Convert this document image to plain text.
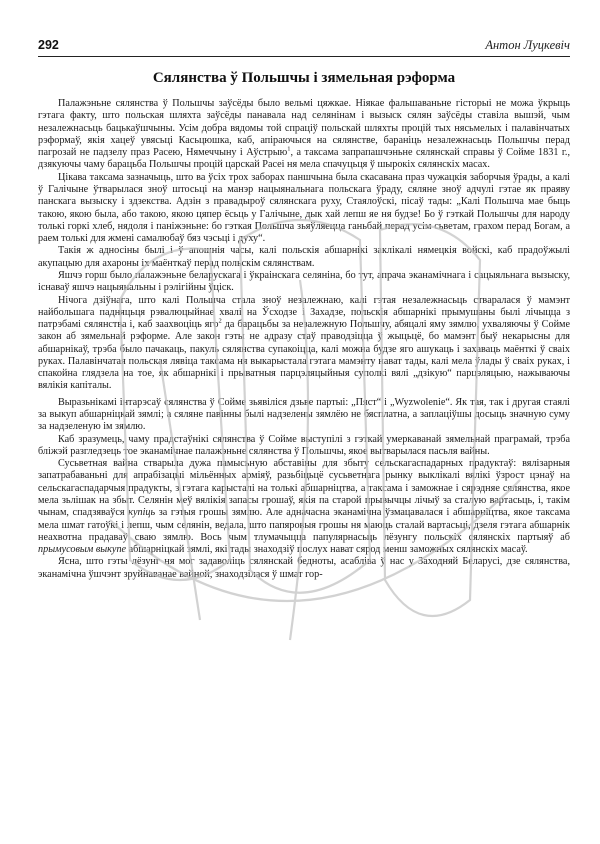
292	Антон Луцкевіч
Сялянства ў Польшчы і зямельная рэформа

Палажэньне сялянства ў Польшчы заўсёды было вельмі цяжкае. Ніякае фальшаваньне гісторыі не можа ўкрыць гэтага факту, што польская шляхта заўсёды панавала над селянінам і вызыск сялян заўсёды ставіла вышэй, чым незалежнасьць бацькаўшчыны. Усім добра вядомы той спраціў польскай шляхты процій тых нясьмелых і палавінчатых рэформаў, якія хацеў увясьці Касьцюшка, каб, апіраючыся на сялянстве, бараніць незалежнасьць Польшчы перад пагрозай не падзелу праз Расею, Нямеччыну і Аўстрыю$^1$, а таксама запрапашчэньне сялянскай справы ў Сойме 1831 г., дзякуючы чаму барацьба Польшчы процій царскай Расеі ня мела спачуцьця ў шырокіх сялянскіх масах.

Цікава таксама зазначыць, што ва ўсіх трох заборах паншчына была скасавана праз чужацкія заборчыя ўрады, а калі ў Галічыне ўтварылася зноў штосьці на манэр нацыянальнага польскага ўраду, сяляне зноў адчулі гэтае як праяву панскага вызыску і здзекства. Адзін з правадыроў сялянскага руху, Стаялоўскі, пісаў тады: „Калі Польшча мае быць такою, якою была, або такою, якою цяпер ёсьць у Галічыне, дык хай лепш яе ня будзе! Бо ў гэткай Польшчы для народу толькі горкі хлеб, нядоля і паніжэньне: бо гэткая Польшча зьяўляецца ганьбай перад усім сьветам, грахом перад Богам, а раем толькі для жмені самалюбаў бяз чэсьці і духу“.

Такія ж адносіны былі і ў апошнія часы, калі польскія абшарнікі заклікалі нямецкія войскі, каб прадоўжылі акупацыю для ахароны іх маёнткаў перад польскім сялянствам.

Яшчэ горш было палажэньне беларускага і ўкраінскага селяніна, бо тут, апрача эканамічнага і сацыяльнага вызыску, існаваў яшчэ нацыянальны і рэлігійны ўціск.

Нічога дзіўнага, што калі Польшча стала зноў незалежнаю, калі гэтая незалежнасьць ствaралася ў мамэнт найбольшага падняцьця рэвалюцыйнае хвалі на Ўсходзе і Захадзе, польскія абшарнікі прымушаны былі лічыцца з патрэбамі сялянства і, каб заахвоціць яго$^2$ да барацьбы за незалежную Польшчу, абяцалі яму зямлю, ухваляючы ў Сойме закон аб зямельнай рэформе. Але закон гэты не адразу стаў праводзіцца ў жыцьцё, бо мамэнт быў некарысны для абшарнікаў, трэба было пачакаць, пакуль сялянства супакоіцца, калі можна будзе яго ашукаць і захаваць маёнткі ў сваіх руках. Палавінчатая польская лявіца таксама ня выкарыстала гэтага мамэнту нават тады, калі мела ўлады ў сваіх руках, і спакойна глядзела на тое, як абшарнікі і прыватныя парцэляцыйныя суполкі вялі „дзікую“ парцэляцыю, нажываючы вялікія капіталы.

Выразьнікамі інтарэсаў сялянства ў Сойме зьявіліся дзьве партыі: „Пяст“ і „Wyzwolenie“. Як тая, так і другая стаялі за выкуп абшарніцкай зямлі; а сяляне павінны былі надзелены зямлёю не бясплатна, а заплаціўшы досыць значную суму за надзеленую ім зямлю.

Каб зразумець, чаму прадстаўнікі сялянства ў Сойме выступілі з гэткай умеркаванай зямельнай праграмай, трэба бліжэй разгледзець тое эканамічнае палажэньне сялянства ў Польшчы, якое вытварылася пасьля вайны.

Сусьветная вайна стварыла дужа памысьную абставіны для збыту сельскагаспадарных прадуктаў: вялізарныя запатрабаваньні для апрабізацыі мільённых арміяў, разьбіцьцё сусьветнага рынку выклікалі вялікі ўзрост цэнаў на сельскагаспадарчыя прадукты, з гэтага карысталі на толькі абшарніцтва, а таксама і заможнае і сярэдняе сялянства, якое мела зьлішак на збыт. Селянін меў вялікія запасы грошаў, якія па старой прывычцы лічыў за сталую вартасьць, і, такім чынам, спадзяваўся купіць за гэтыя грошы зямлю. Але адначасна эканамічна ўзмацавалася і абшарніцтва, якое таксама мела шмат гатоўкі і лепш, чым селянін, ведала, што папяровыя грошы ня маюць сталай вартасьці, дзеля гэтага абшарнік неахвотна прадаваў сваю зямлю. Вось чым тлумачыцца папулярнасьць лёзунгу польскіх сялянскіх партыяў аб прымусовым выкупе абшарніцкай зямлі, які тады знаходзіў послух нават сярод менш заможных сялянскіх масаў.

Ясна, што гэты лёзунг ня мог задаволіць сялянскай бедноты, асабліва ў нас у Заходняй Беларусі, дзе сялянства, эканамічна ўшчэнт зруйнаванае вайной, знаходзілася ў шмат гор-
